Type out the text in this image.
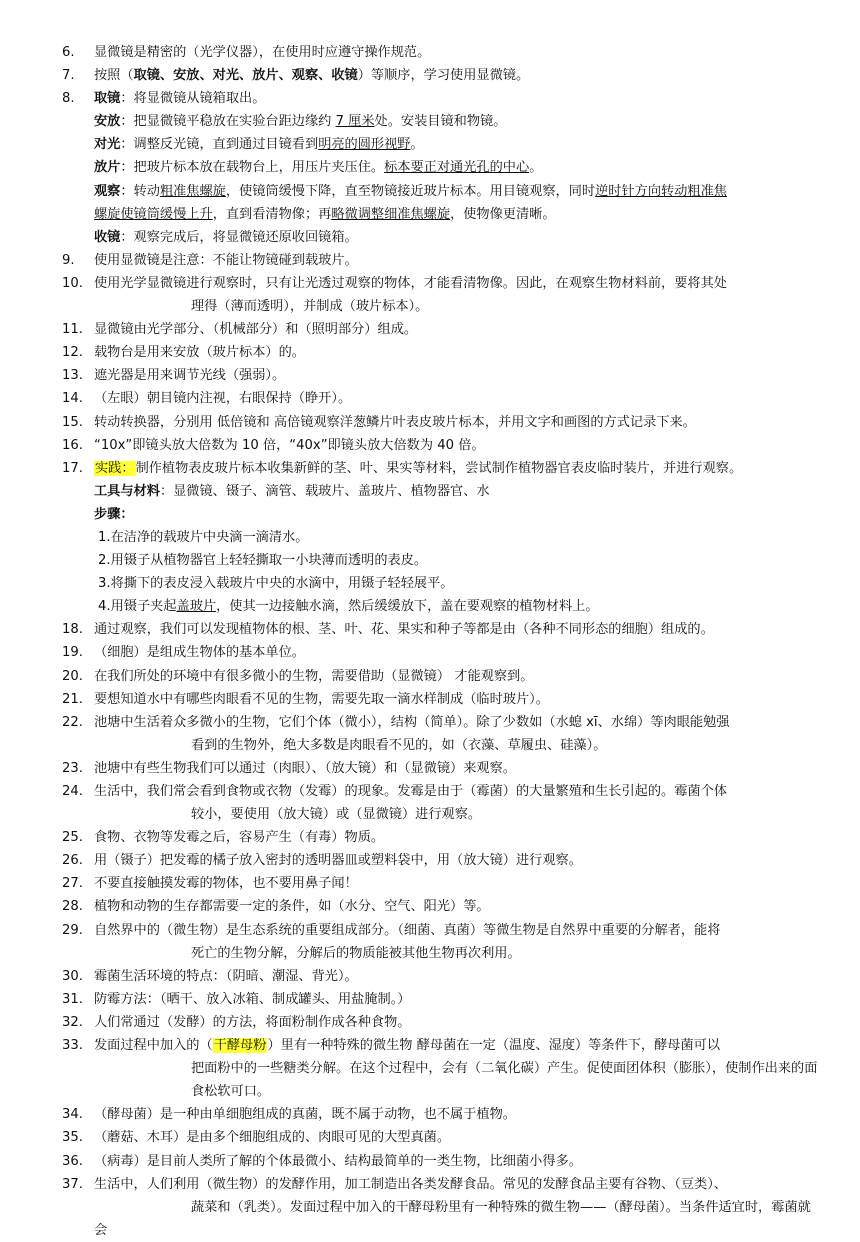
6. 显微镜是精密的（光学仪器），在使用时应遵守操作规范。
7. 按照（取镜、安放、对光、放片、观察、收镜）等顺序，学习使用显微镜。
8. 取镜：将显微镜从镜箱取出。
安放：把显微镜平稳放在实验台距边缘约 7 厘米处。安装目镜和物镜。
对光：调整反光镜，直到通过目镜看到明亮的圆形视野。
放片：把玻片标本放在载物台上，用压片夹压住。标本要正对通光孔的中心。
观察：转动粗准焦螺旋，使镜筒缓慢下降，直至物镜接近玻片标本。用目镜观察，同时逆时针方向转动粗准焦
螺旋使镜筒缓慢上升，直到看清物像；再略微调整细准焦螺旋，使物像更清晰。
收镜：观察完成后，将显微镜还原收回镜箱。
9. 使用显微镜是注意：不能让物镜碰到载玻片。
10. 使用光学显微镜进行观察时，只有让光透过观察的物体，才能看清物像。因此，在观察生物材料前，要将其处
理得（薄而透明），并制成（玻片标本）。
11. 显微镜由光学部分、（机械部分）和（照明部分）组成。
12. 载物台是用来安放（玻片标本）的。
13. 遮光器是用来调节光线（强弱）。
14. （左眼）朝目镜内注视，右眼保持（睁开）。
15. 转动转换器，分别用 低倍镜和 高倍镜观察洋葱鳞片叶表皮玻片标本，并用文字和画图的方式记录下来。
16. “10x”即镜头放大倍数为 10 倍，“40x”即镜头放大倍数为 40 倍。
17. 实践：制作植物表皮玻片标本收集新鲜的茎、叶、果实等材料，尝试制作植物器官表皮临时装片，并进行观察。
工具与材料：显微镜、镊子、滴管、载玻片、盖玻片、植物器官、水
步骤：
1.在洁净的载玻片中央滴一滴清水。
2.用镊子从植物器官上轻轻撕取一小块薄而透明的表皮。
3.将撕下的表皮浸入载玻片中央的水滴中，用镊子轻轻展平。
4.用镊子夹起盖玻片，使其一边接触水滴，然后缓缓放下，盖在要观察的植物材料上。
18. 通过观察，我们可以发现植物体的根、茎、叶、花、果实和种子等都是由（各种不同形态的细胞）组成的。
19. （细胞）是组成生物体的基本单位。
20. 在我们所处的环境中有很多微小的生物，需要借助（显微镜） 才能观察到。
21. 要想知道水中有哪些肉眼看不见的生物，需要先取一滴水样制成（临时玻片）。
22. 池塘中生活着众多微小的生物，它们个体（微小），结构（简单）。除了少数如（水螅 xī、水绵）等肉眼能勉强
看到的生物外，绝大多数是肉眼看不见的，如（衣藻、草履虫、硅藻）。
23. 池塘中有些生物我们可以通过（肉眼）、（放大镜）和（显微镜）来观察。
24. 生活中，我们常会看到食物或衣物（发霉）的现象。发霉是由于（霉菌）的大量繁殖和生长引起的。霉菌个体
较小，要使用（放大镜）或（显微镜）进行观察。
25. 食物、衣物等发霉之后，容易产生（有毒）物质。
26. 用（镊子）把发霉的橘子放入密封的透明器皿或塑料袋中，用（放大镜）进行观察。
27. 不要直接触摸发霉的物体，也不要用鼻子闻！
28. 植物和动物的生存都需要一定的条件，如（水分、空气、阳光）等。
29. 自然界中的（微生物）是生态系统的重要组成部分。（细菌、真菌）等微生物是自然界中重要的分解者，能将
死亡的生物分解，分解后的物质能被其他生物再次利用。
30. 霉菌生活环境的特点：（阴暗、潮湿、背光）。
31. 防霉方法：（晒干、放入冰箱、制成罐头、用盐腌制。）
32. 人们常通过（发酵）的方法，将面粉制作成各种食物。
33. 发面过程中加入的（干酵母粉）里有一种特殊的微生物 酵母菌在一定（温度、湿度）等条件下，酵母菌可以
把面粉中的一些糖类分解。在这个过程中，会有（二氧化碳）产生。促使面团体积（膨胀），使制作出来的面
食松软可口。
34. （酵母菌）是一种由单细胞组成的真菌，既不属于动物，也不属于植物。
35. （蘑菇、木耳）是由多个细胞组成的、肉眼可见的大型真菌。
36. （病毒）是目前人类所了解的个体最微小、结构最简单的一类生物，比细菌小得多。
37. 生活中，人们利用（微生物）的发酵作用，加工制造出各类发酵食品。常见的发酵食品主要有谷物、（豆类）、
蔬菜和（乳类）。发面过程中加入的干酵母粉里有一种特殊的微生物——（酵母菌）。当条件适宜时，霉菌就会
